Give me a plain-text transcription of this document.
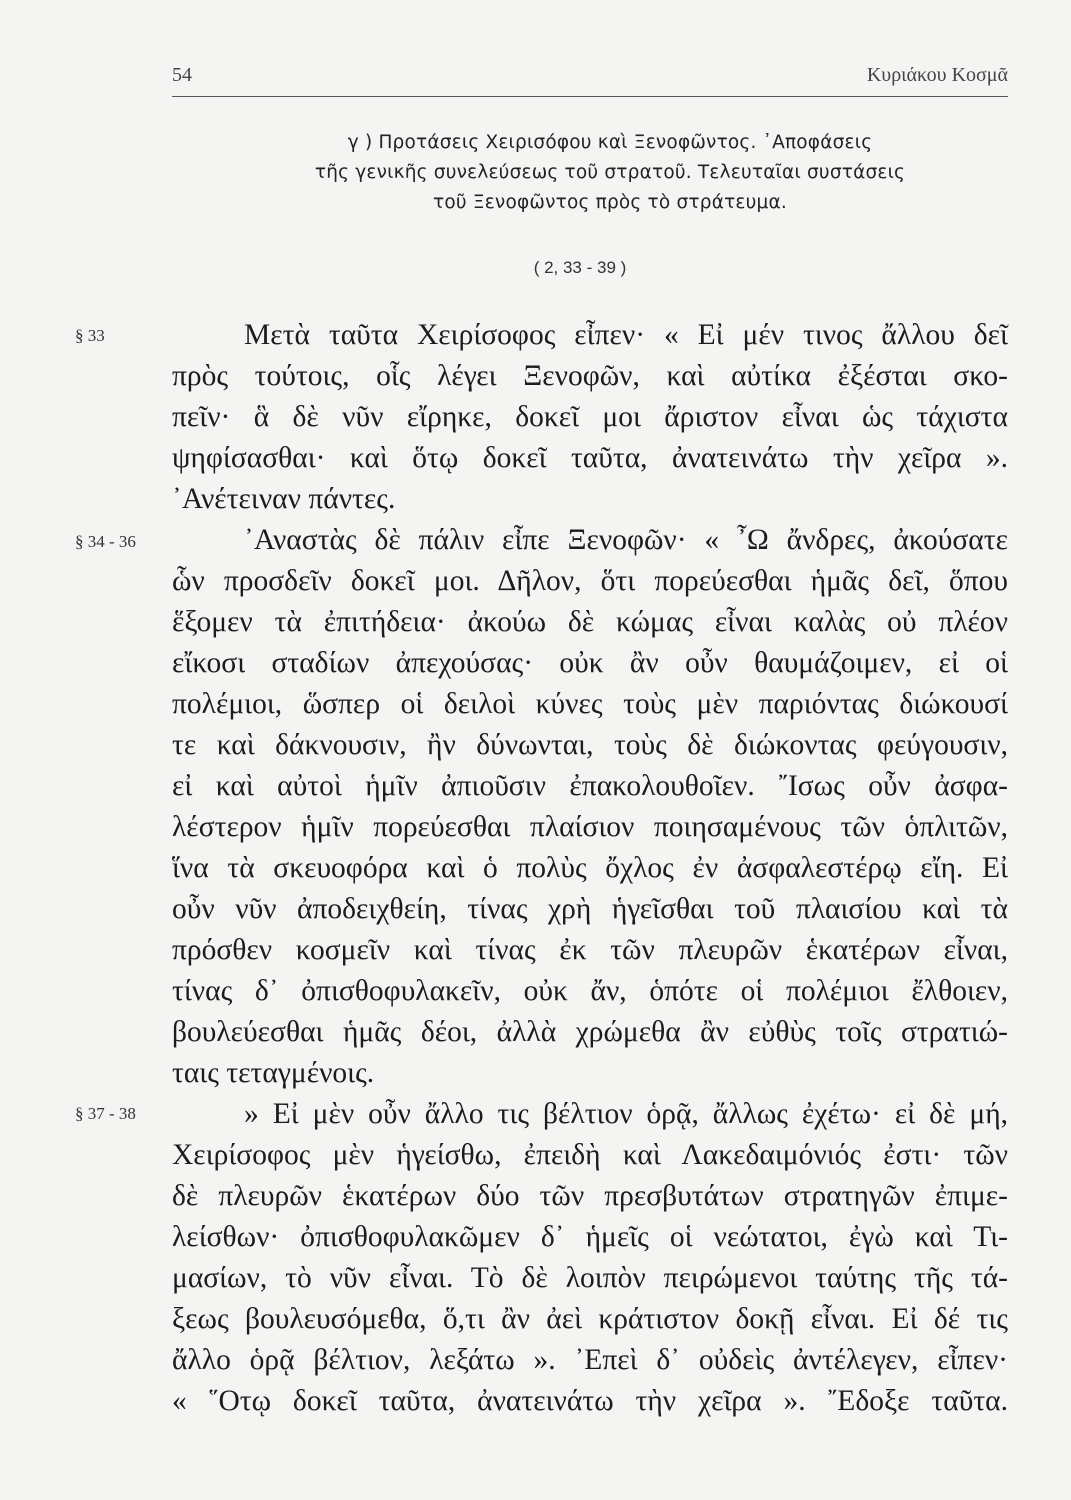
54	Κυριάκου Κοσμᾶ
γ ) Προτάσεις Χειρισόφου καὶ Ξενοφῶντος. ᾿Αποφάσεις
τῆς γενικῆς συνελεύσεως τοῦ στρατοῦ. Τελευταῖαι συστάσεις
τοῦ Ξενοφῶντος πρὸς τὸ στράτευμα.
( 2, 33 - 39 )
§ 33
§ 34 - 36
§ 37 - 38
Μετὰ ταῦτα Χειρίσοφος εἶπεν· « Εἰ μέν τινος ἄλλου δεῖ
πρὸς τούτοις, οἷς λέγει Ξενοφῶν, καὶ αὐτίκα ἐξέσται σκο-
πεῖν· ἃ δὲ νῦν εἴρηκε, δοκεῖ μοι ἄριστον εἶναι ὡς τάχιστα
ψηφίσασθαι· καὶ ὅτῳ δοκεῖ ταῦτα, ἀνατεινάτω τὴν χεῖρα ».
᾿Ανέτειναν πάντες.
᾿Αναστὰς δὲ πάλιν εἶπε Ξενοφῶν· « ῏Ω ἄνδρες, ἀκούσατε
ὧν προσδεῖν δοκεῖ μοι. Δῆλον, ὅτι πορεύεσθαι ἡμᾶς δεῖ, ὅπου
ἕξομεν τὰ ἐπιτήδεια· ἀκούω δὲ κώμας εἶναι καλὰς οὐ πλέον
εἴκοσι σταδίων ἀπεχούσας· οὐκ ἂν οὖν θαυμάζοιμεν, εἰ οἱ
πολέμιοι, ὥσπερ οἱ δειλοὶ κύνες τοὺς μὲν παριόντας διώκουσί
τε καὶ δάκνουσιν, ἢν δύνωνται, τοὺς δὲ διώκοντας φεύγουσιν,
εἰ καὶ αὐτοὶ ἡμῖν ἀπιοῦσιν ἐπακολουθοῖεν. ῎Ισως οὖν ἀσφα-
λέστερον ἡμῖν πορεύεσθαι πλαίσιον ποιησαμένους τῶν ὁπλιτῶν,
ἵνα τὰ σκευοφόρα καὶ ὁ πολὺς ὄχλος ἐν ἀσφαλεστέρῳ εἴη. Εἰ
οὖν νῦν ἀποδειχθείη, τίνας χρὴ ἡγεῖσθαι τοῦ πλαισίου καὶ τὰ
πρόσθεν κοσμεῖν καὶ τίνας ἐκ τῶν πλευρῶν ἑκατέρων εἶναι,
τίνας δ᾽ ὀπισθοφυλακεῖν, οὐκ ἄν, ὁπότε οἱ πολέμιοι ἔλθοιεν,
βουλεύεσθαι ἡμᾶς δέοι, ἀλλὰ χρώμεθα ἂν εὐθὺς τοῖς στρατιώ-
ταις τεταγμένοις.
» Εἰ μὲν οὖν ἄλλο τις βέλτιον ὁρᾷ, ἄλλως ἐχέτω· εἰ δὲ μή,
Χειρίσοφος μὲν ἡγείσθω, ἐπειδὴ καὶ Λακεδαιμόνιός ἐστι· τῶν
δὲ πλευρῶν ἑκατέρων δύο τῶν πρεσβυτάτων στρατηγῶν ἐπιμε-
λείσθων· ὀπισθοφυλακῶμεν δ᾽ ἡμεῖς οἱ νεώτατοι, ἐγὼ καὶ Τι-
μασίων, τὸ νῦν εἶναι. Τὸ δὲ λοιπὸν πειρώμενοι ταύτης τῆς τά-
ξεως βουλευσόμεθα, ὅ,τι ἂν ἀεὶ κράτιστον δοκῇ εἶναι. Εἰ δέ τις
ἄλλο ὁρᾷ βέλτιον, λεξάτω ». ᾿Επεὶ δ᾽ οὐδεὶς ἀντέλεγεν, εἶπεν·
« ῞Οτῳ δοκεῖ ταῦτα, ἀνατεινάτω τὴν χεῖρα ». ῎Εδοξε ταῦτα.
